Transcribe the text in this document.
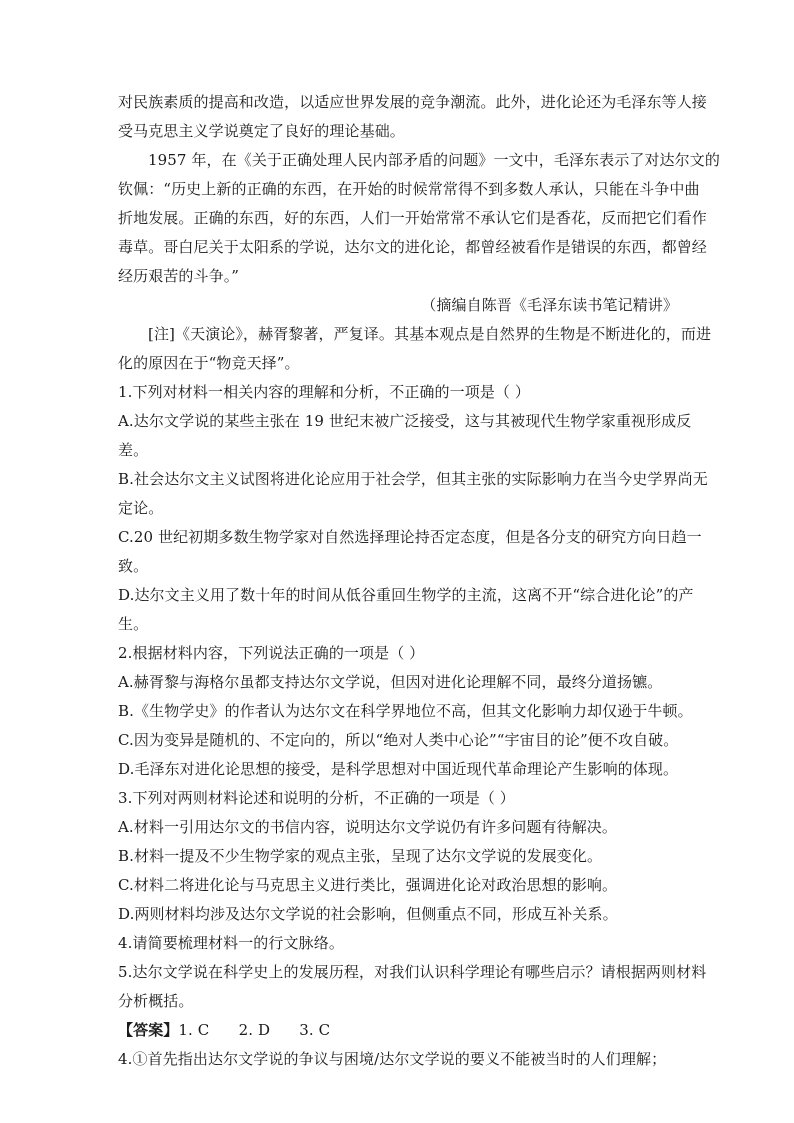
对民族素质的提高和改造，以适应世界发展的竞争潮流。此外，进化论还为毛泽东等人接
受马克思主义学说奠定了良好的理论基础。
1957 年，在《关于正确处理人民内部矛盾的问题》一文中，毛泽东表示了对达尔文的
钦佩：“历史上新的正确的东西，在开始的时候常常得不到多数人承认，只能在斗争中曲
折地发展。正确的东西，好的东西，人们一开始常常不承认它们是香花，反而把它们看作
毒草。哥白尼关于太阳系的学说，达尔文的进化论，都曾经被看作是错误的东西，都曾经
经历艰苦的斗争。”
（摘编自陈晋《毛泽东读书笔记精讲》
[注]《天演论》，赫胥黎著，严复译。其基本观点是自然界的生物是不断进化的，而进
化的原因在于“物竞天择”。
1.下列对材料一相关内容的理解和分析，不正确的一项是（ ）
A.达尔文学说的某些主张在 19 世纪末被广泛接受，这与其被现代生物学家重视形成反
差。
B.社会达尔文主义试图将进化论应用于社会学，但其主张的实际影响力在当今史学界尚无
定论。
C.20 世纪初期多数生物学家对自然选择理论持否定态度，但是各分支的研究方向日趋一
致。
D.达尔文主义用了数十年的时间从低谷重回生物学的主流，这离不开“综合进化论”的产
生。
2.根据材料内容，下列说法正确的一项是（ ）
A.赫胥黎与海格尔虽都支持达尔文学说，但因对进化论理解不同，最终分道扬镳。
B.《生物学史》的作者认为达尔文在科学界地位不高，但其文化影响力却仅逊于牛顿。
C.因为变异是随机的、不定向的，所以“绝对人类中心论”“宇宙目的论”便不攻自破。
D.毛泽东对进化论思想的接受，是科学思想对中国近现代革命理论产生影响的体现。
3.下列对两则材料论述和说明的分析，不正确的一项是（ ）
A.材料一引用达尔文的书信内容，说明达尔文学说仍有许多问题有待解决。
B.材料一提及不少生物学家的观点主张，呈现了达尔文学说的发展变化。
C.材料二将进化论与马克思主义进行类比，强调进化论对政治思想的影响。
D.两则材料均涉及达尔文学说的社会影响，但侧重点不同，形成互补关系。
4.请简要梳理材料一的行文脉络。
5.达尔文学说在科学史上的发展历程，对我们认识科学理论有哪些启示？请根据两则材料
分析概括。
【答案】1. C      2. D      3. C
4.①首先指出达尔文学说的争议与困境/达尔文学说的要义不能被当时的人们理解；
